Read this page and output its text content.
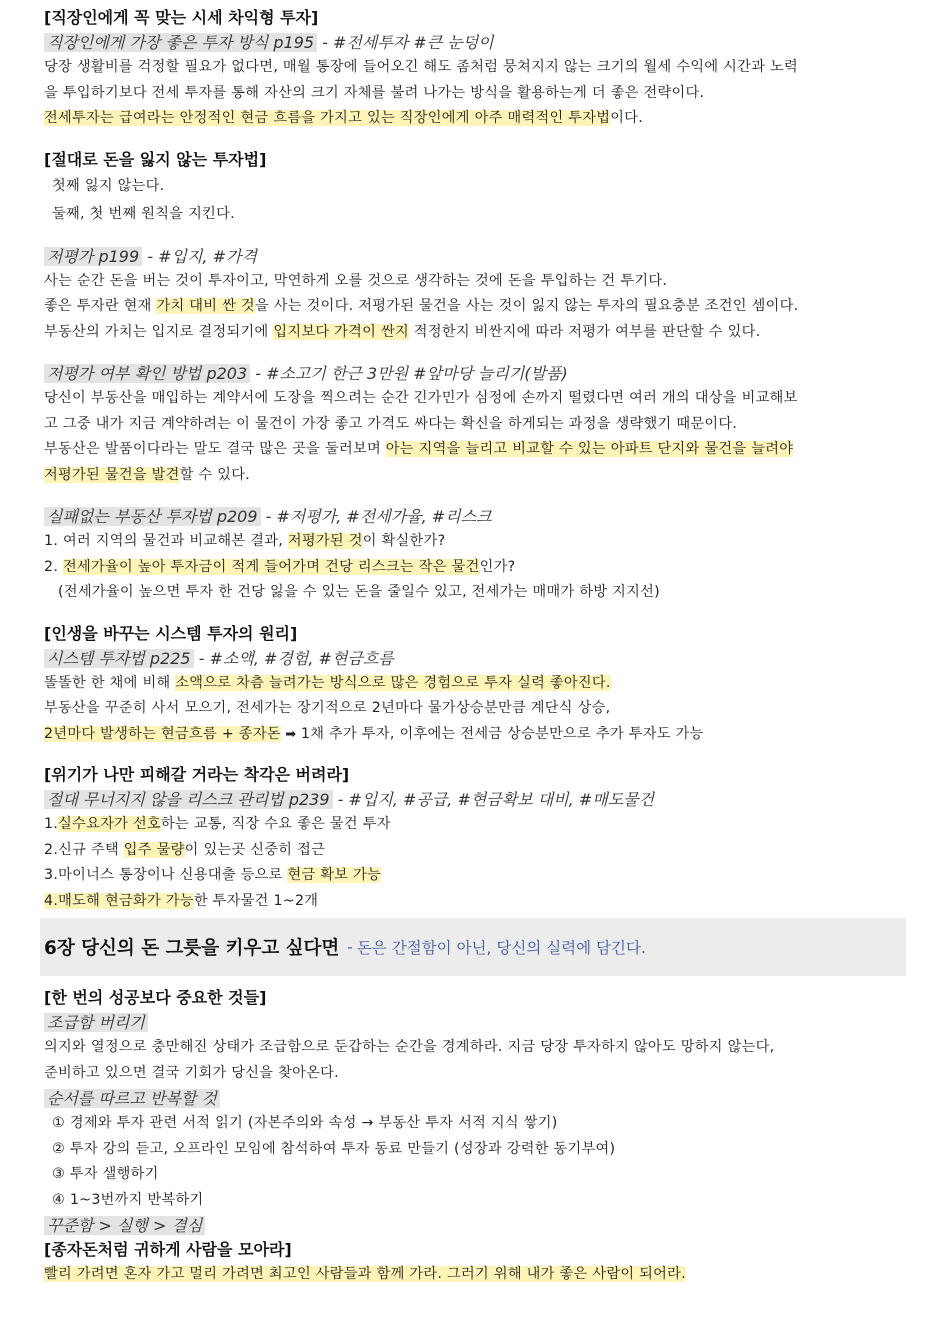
[직장인에게 꼭 맞는 시세 차익형 투자]

직장인에게 가장 좋은 투자 방식 p195 - #전세투자 #큰 눈덩이

당장 생활비를 걱정할 필요가 없다면, 매월 통장에 들어오긴 해도 좀처럼 뭉쳐지지 않는 크기의 월세 수익에 시간과 노력

을 투입하기보다 전세 투자를 통해 자산의 크기 자체를 불려 나가는 방식을 활용하는게 더 좋은 전략이다.

전세투자는 급여라는 안정적인 현금 흐름을 가지고 있는 직장인에게 아주 매력적인 투자법이다.

[절대로 돈을 잃지 않는 투자법]

첫째 잃지 않는다.

둘째, 첫 번째 원칙을 지킨다.

저평가 p199 - #입지, #가격

사는 순간 돈을 버는 것이 투자이고, 막연하게 오를 것으로 생각하는 것에 돈을 투입하는 건 투기다.

좋은 투자란 현재 가치 대비 싼 것을 사는 것이다. 저평가된 물건을 사는 것이 잃지 않는 투자의 필요충분 조건인 셈이다.

부동산의 가치는 입지로 결정되기에 입지보다 가격이 싼지 적정한지 비싼지에 따라 저평가 여부를 판단할 수 있다.

저평가 여부 확인 방법 p203 - #소고기 한근 3만원 #앞마당 늘리기(발품)

당신이 부동산을 매입하는 계약서에 도장을 찍으려는 순간 긴가민가 심정에 손까지 떨렸다면 여러 개의 대상을 비교해보

고 그중 내가 지금 계약하려는 이 물건이 가장 좋고 가격도 싸다는 확신을 하게되는 과정을 생략했기 때문이다.

부동산은 발품이다라는 말도 결국 많은 곳을 둘러보며 아는 지역을 늘리고 비교할 수 있는 아파트 단지와 물건을 늘려야

저평가된 물건을 발견할 수 있다.

실패없는 부동산 투자법 p209 - #저평가, #전세가율, #리스크

1. 여러 지역의 물건과 비교해본 결과, 저평가된 것이 확실한가?

2. 전세가율이 높아 투자금이 적게 들어가며 건당 리스크는 작은 물건인가?

(전세가율이 높으면 투자 한 건당 잃을 수 있는 돈을 줄일수 있고, 전세가는 매매가 하방 지지선)

[인생을 바꾸는 시스템 투자의 원리]

시스템 투자법 p225 - #소액, #경험, #현금흐름

똘똘한 한 채에 비해 소액으로 차츰 늘려가는 방식으로 많은 경험으로 투자 실력 좋아진다.

부동산을 꾸준히 사서 모으기, 전세가는 장기적으로 2년마다 물가상승분만큼 계단식 상승,

2년마다 발생하는 현금흐름 + 종자돈 ➡ 1채 추가 투자, 이후에는 전세금 상승분만으로 추가 투자도 가능

[위기가 나만 피해갈 거라는 착각은 버려라]

절대 무너지지 않을 리스크 관리법 p239 - #입지, #공급, #현금확보 대비, #매도물건

1.실수요자가 선호하는 교통, 직장 수요 좋은 물건 투자

2.신규 주택 입주 물량이 있는곳 신중히 접근

3.마이너스 통장이나 신용대출 등으로 현금 확보 가능

4.매도해 현금화가 가능한 투자물건 1~2개

6장 당신의 돈 그릇을 키우고 싶다면 - 돈은 간절함이 아닌, 당신의 실력에 담긴다.

[한 번의 성공보다 중요한 것들]

조급함 버리기

의지와 열정으로 충만해진 상태가 조급함으로 둔갑하는 순간을 경계하라. 지금 당장 투자하지 않아도 망하지 않는다,

준비하고 있으면 결국 기회가 당신을 찾아온다.

순서를 따르고 반복할 것

① 경제와 투자 관련 서적 읽기 (자본주의와 속성 → 부동산 투자 서적 지식 쌓기)

② 투자 강의 듣고, 오프라인 모임에 참석하여 투자 동료 만들기 (성장과 강력한 동기부여)

③ 투자 샐행하기

④ 1~3번까지 반복하기

꾸준함 > 실행 > 결심

[종자돈처럼 귀하게 사람을 모아라]

빨리 가려면 혼자 가고 멀리 가려면 최고인 사람들과 함께 가라. 그러기 위해 내가 좋은 사람이 되어라.
